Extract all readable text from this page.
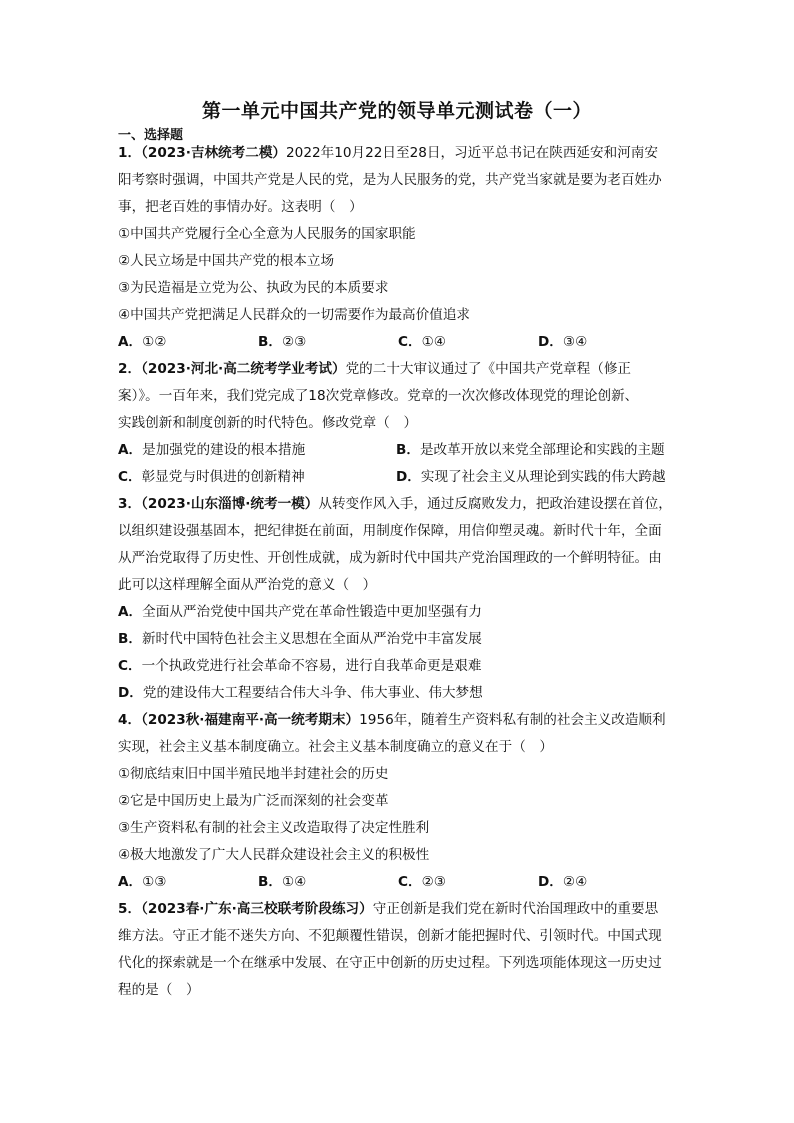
第一单元中国共产党的领导单元测试卷（一）
一、选择题

1．（2023·吉林统考二模）2022年10月22日至28日，习近平总书记在陕西延安和河南安

阳考察时强调，中国共产党是人民的党，是为人民服务的党，共产党当家就是要为老百姓办

事，把老百姓的事情办好。这表明（　）

①中国共产党履行全心全意为人民服务的国家职能

②人民立场是中国共产党的根本立场

③为民造福是立党为公、执政为民的本质要求

④中国共产党把满足人民群众的一切需要作为最高价值追求

A．①②	B．②③	C．①④	D．③④

2．（2023·河北·高二统考学业考试）党的二十大审议通过了《中国共产党章程（修正

案）》。一百年来，我们党完成了18次党章修改。党章的一次次修改体现党的理论创新、

实践创新和制度创新的时代特色。修改党章（　）

A．是加强党的建设的根本措施	B．是改革开放以来党全部理论和实践的主题
C．彰显党与时俱进的创新精神	D．实现了社会主义从理论到实践的伟大跨越

3．（2023·山东淄博·统考一模）从转变作风入手，通过反腐败发力，把政治建设摆在首位，

以组织建设强基固本，把纪律挺在前面，用制度作保障，用信仰塑灵魂。新时代十年，全面

从严治党取得了历史性、开创性成就，成为新时代中国共产党治国理政的一个鲜明特征。由

此可以这样理解全面从严治党的意义（　）

A．全面从严治党使中国共产党在革命性锻造中更加坚强有力

B．新时代中国特色社会主义思想在全面从严治党中丰富发展

C．一个执政党进行社会革命不容易，进行自我革命更是艰难

D．党的建设伟大工程要结合伟大斗争、伟大事业、伟大梦想

4．（2023秋·福建南平·高一统考期末）1956年，随着生产资料私有制的社会主义改造顺利

实现，社会主义基本制度确立。社会主义基本制度确立的意义在于（　）

①彻底结束旧中国半殖民地半封建社会的历史

②它是中国历史上最为广泛而深刻的社会变革

③生产资料私有制的社会主义改造取得了决定性胜利

④极大地激发了广大人民群众建设社会主义的积极性

A．①③	B．①④	C．②③	D．②④

5．（2023春·广东·高三校联考阶段练习）守正创新是我们党在新时代治国理政中的重要思

维方法。守正才能不迷失方向、不犯颠覆性错误，创新才能把握时代、引领时代。中国式现

代化的探索就是一个在继承中发展、在守正中创新的历史过程。下列选项能体现这一历史过

程的是（　）
